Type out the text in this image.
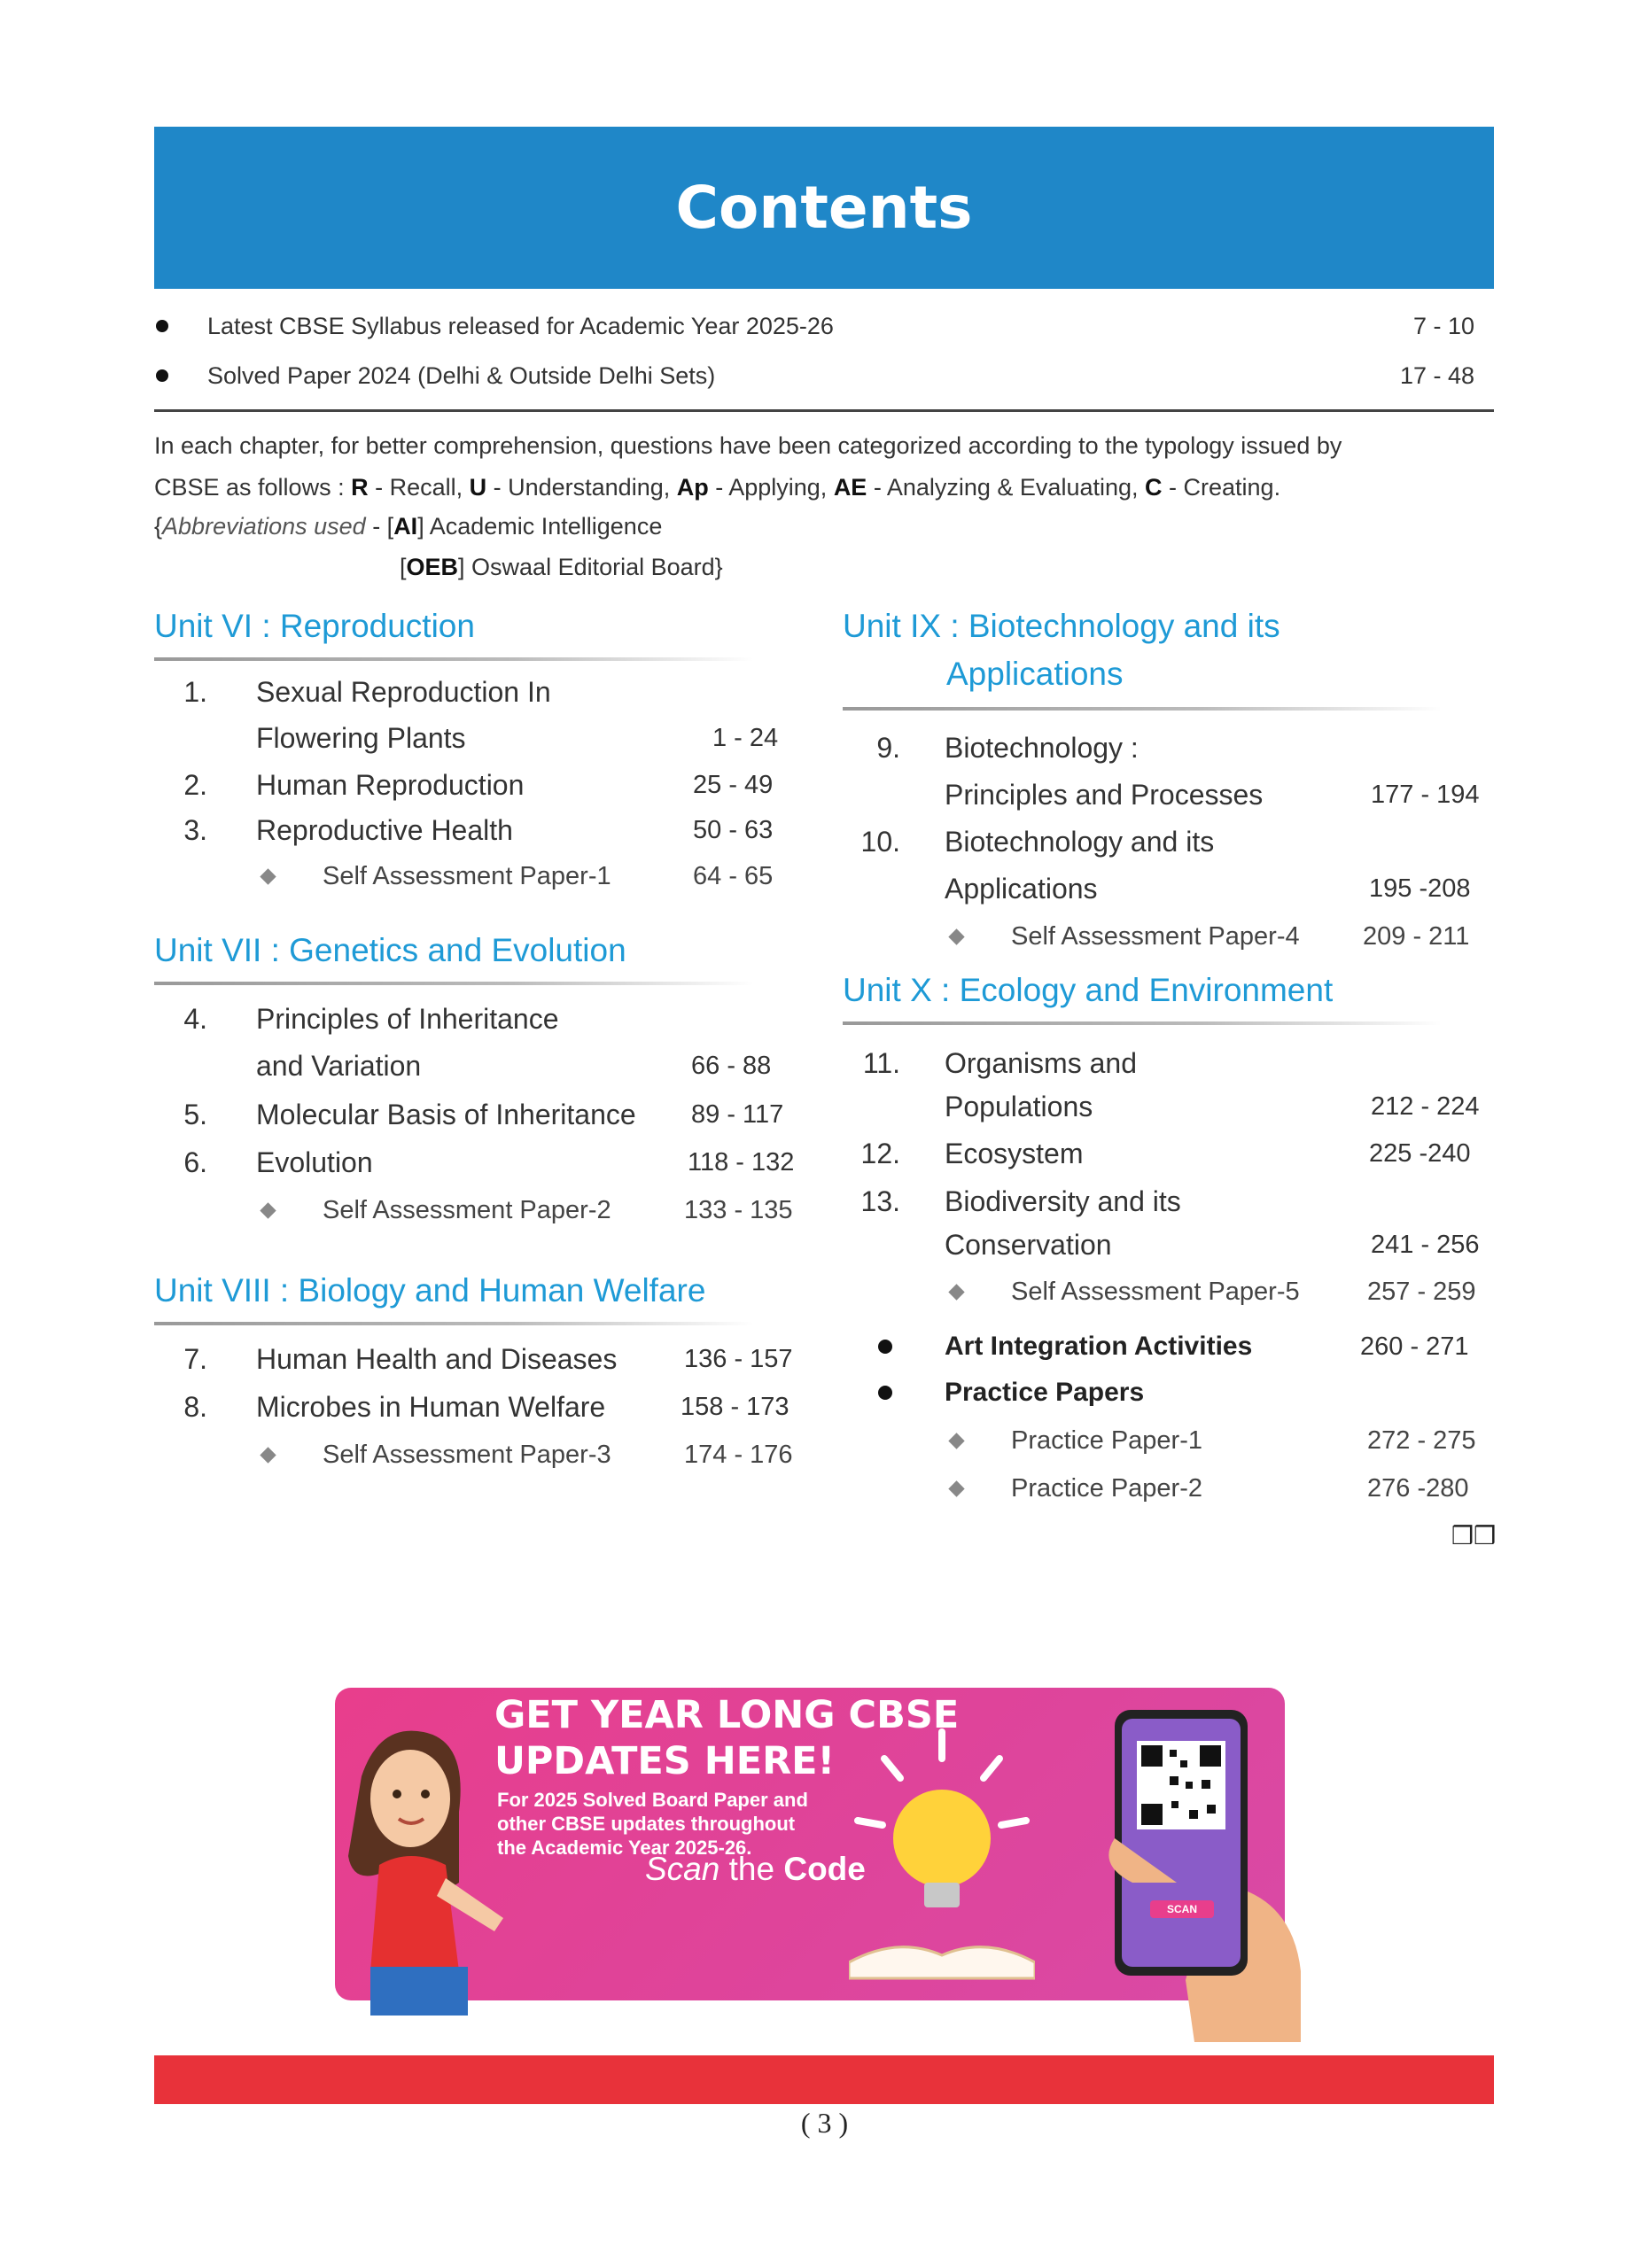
Contents
Latest CBSE Syllabus released for Academic Year 2025-26	7 - 10
Solved Paper 2024 (Delhi & Outside Delhi Sets)	17 - 48

In each chapter, for better comprehension, questions have been categorized according to the typology issued by

CBSE as follows : R - Recall, U - Understanding, Ap - Applying, AE - Analyzing & Evaluating, C - Creating.

{Abbreviations used - [AI] Academic Intelligence

[OEB] Oswaal Editorial Board}

Unit VI : Reproduction
1. Sexual Reproduction In
Flowering Plants	1 - 24
2. Human Reproduction	25 - 49
3. Reproductive Health	50 - 63
Self Assessment Paper-1	64 - 65
Unit VII : Genetics and Evolution
4. Principles of Inheritance
and Variation	66 - 88
5. Molecular Basis of Inheritance 89 - 117
6. Evolution	118 - 132
Self Assessment Paper-2	133 - 135
Unit VIII : Biology and Human Welfare
7. Human Health and Diseases	136 - 157
8. Microbes in Human Welfare	158 - 173
Self Assessment Paper-3	174 - 176
Unit IX : Biotechnology and its
Applications
9. Biotechnology :
Principles and Processes	177 - 194
10. Biotechnology and its
Applications	195 -208
Self Assessment Paper-4 209 - 211
Unit X : Ecology and Environment
11. Organisms and
Populations	212 - 224
12. Ecosystem	225 -240
13. Biodiversity and its
Conservation	241 - 256
Self Assessment Paper-5	257 - 259
Art Integration Activities	260 - 271
Practice Papers
Practice Paper-1	272 - 275
Practice Paper-2	276 -280
❒❒
GET YEAR LONG CBSE
UPDATES HERE!
For 2025 Solved Board Paper and
other CBSE updates throughout
the Academic Year 2025-26.
Scan the Code
SCAN
( 3 )
